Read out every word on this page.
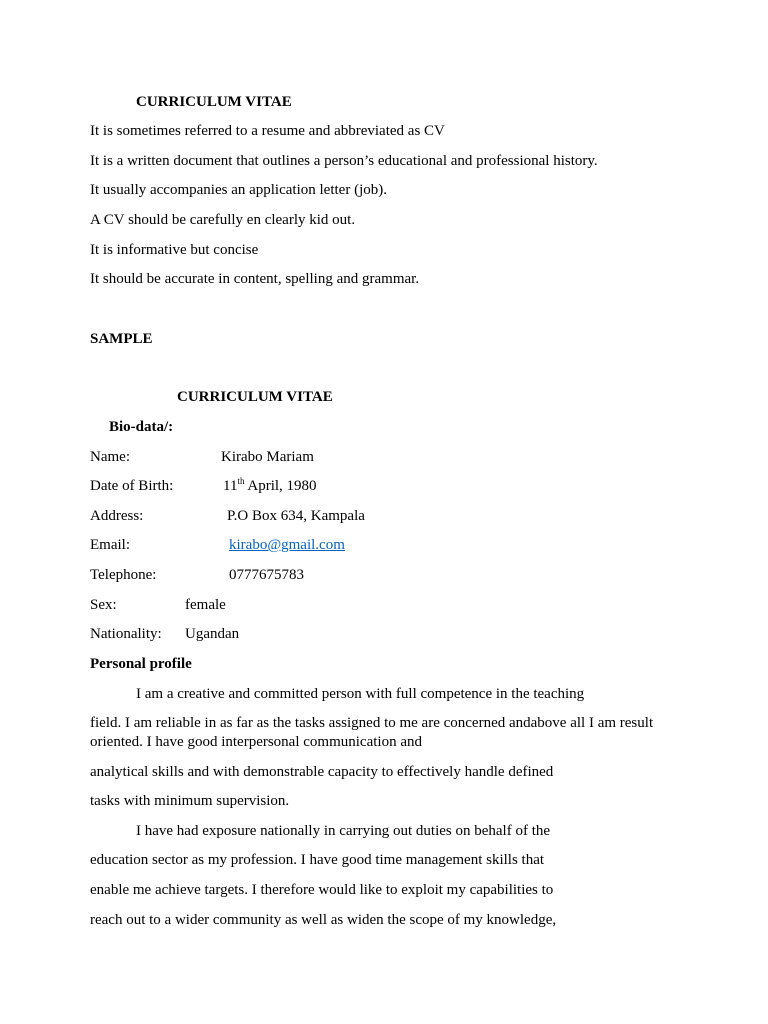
CURRICULUM VITAE

It is sometimes referred to a resume and abbreviated as CV

It is a written document that outlines a person’s educational and professional history.

It usually accompanies an application letter (job).

A CV should be carefully en clearly kid out.

It is informative but concise

It should be accurate in content, spelling and grammar.

SAMPLE

CURRICULUM VITAE

Bio-data/:

Name:	Kirabo Mariam

Date of Birth:	11th April, 1980

Address:	P.O Box 634, Kampala

Email:	kirabo@gmail.com

Telephone:	0777675783

Sex:	female

Nationality: Ugandan

Personal profile

I am a creative and committed person with full competence in the teaching

field. I am reliable in as far as the tasks assigned to me are concerned andabove all I am result oriented. I have good interpersonal communication and

analytical skills and with demonstrable capacity to effectively handle defined

tasks with minimum supervision.

I have had exposure nationally in carrying out duties on behalf of the

education sector as my profession. I have good time management skills that

enable me achieve targets. I therefore would like to exploit my capabilities to

reach out to a wider community as well as widen the scope of my knowledge,
